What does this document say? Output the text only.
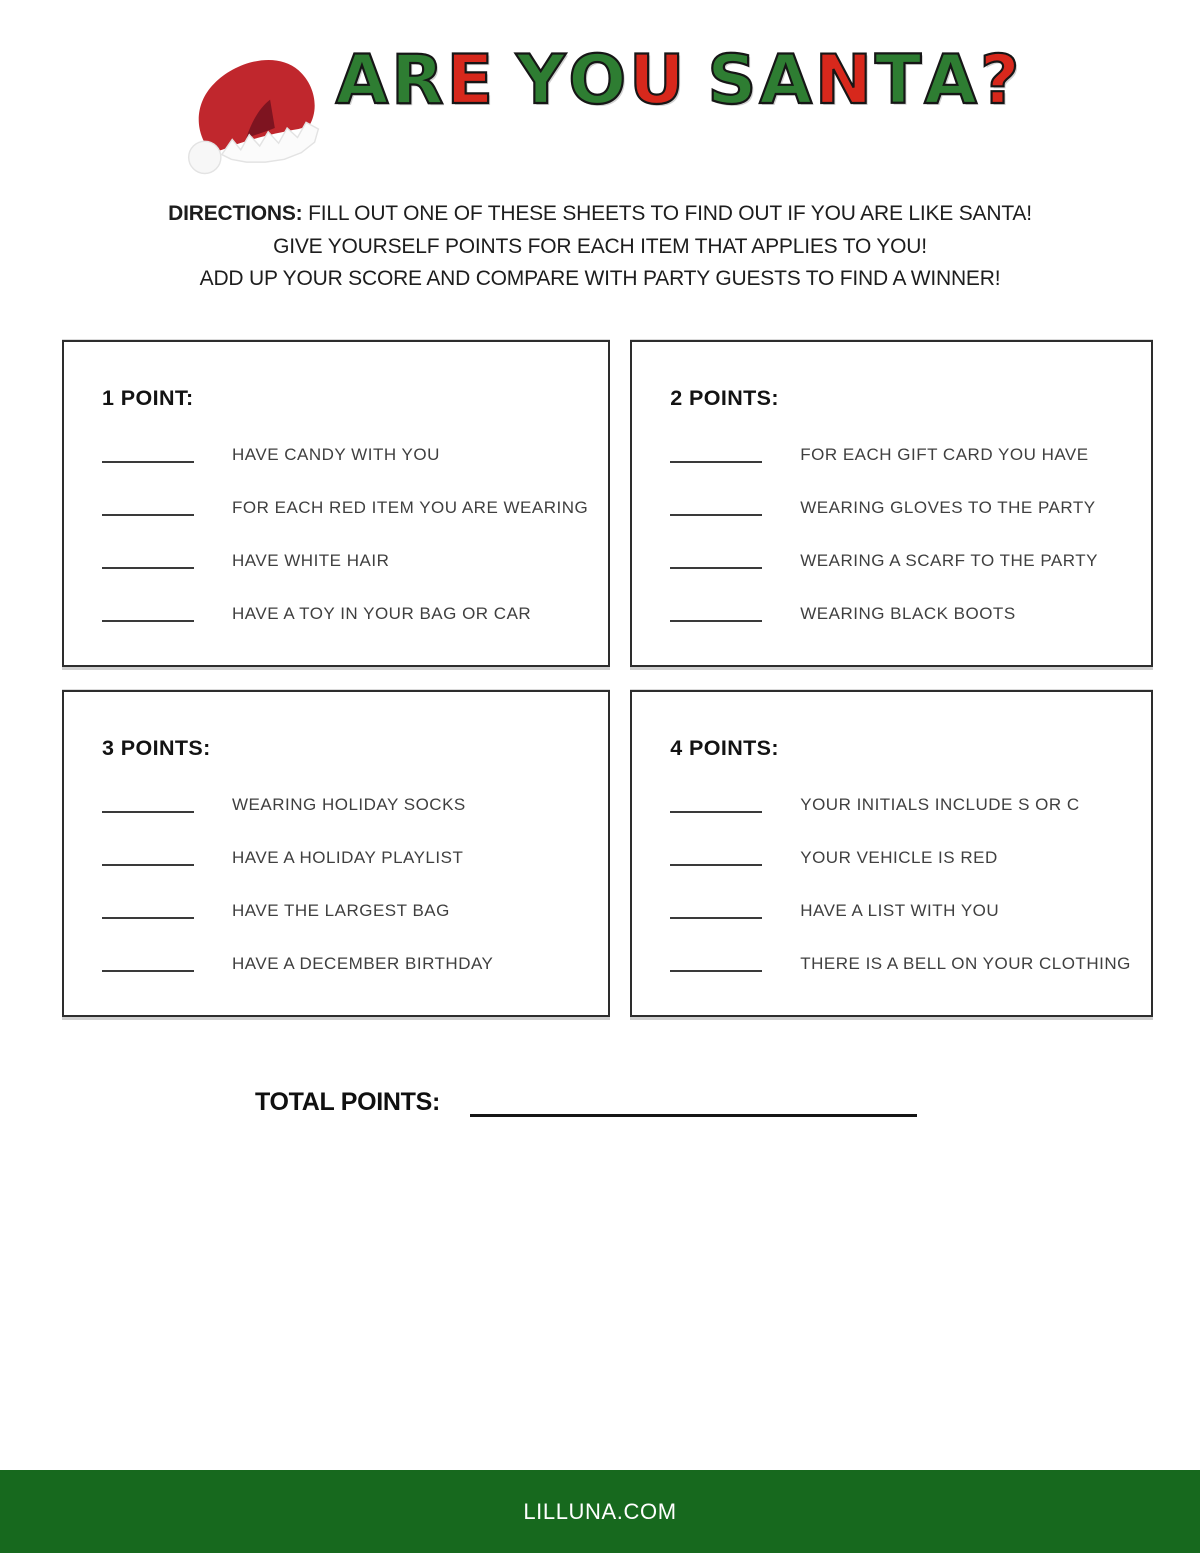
A R E Y O U S A N T A ?

DIRECTIONS: FILL OUT ONE OF THESE SHEETS TO FIND OUT IF YOU ARE LIKE SANTA!

GIVE YOURSELF POINTS FOR EACH ITEM THAT APPLIES TO YOU!

ADD UP YOUR SCORE AND COMPARE WITH PARTY GUESTS TO FIND A WINNER!

1 POINT:
HAVE CANDY WITH YOU
FOR EACH RED ITEM YOU ARE WEARING
HAVE WHITE HAIR
HAVE A TOY IN YOUR BAG OR CAR
2 POINTS:
FOR EACH GIFT CARD YOU HAVE
WEARING GLOVES TO THE PARTY
WEARING A SCARF TO THE PARTY
WEARING BLACK BOOTS
3 POINTS:
WEARING HOLIDAY SOCKS
HAVE A HOLIDAY PLAYLIST
HAVE THE LARGEST BAG
HAVE A DECEMBER BIRTHDAY
4 POINTS:
YOUR INITIALS INCLUDE S OR C
YOUR VEHICLE IS RED
HAVE A LIST WITH YOU
THERE IS A BELL ON YOUR CLOTHING
TOTAL POINTS:
LILLUNA.COM
